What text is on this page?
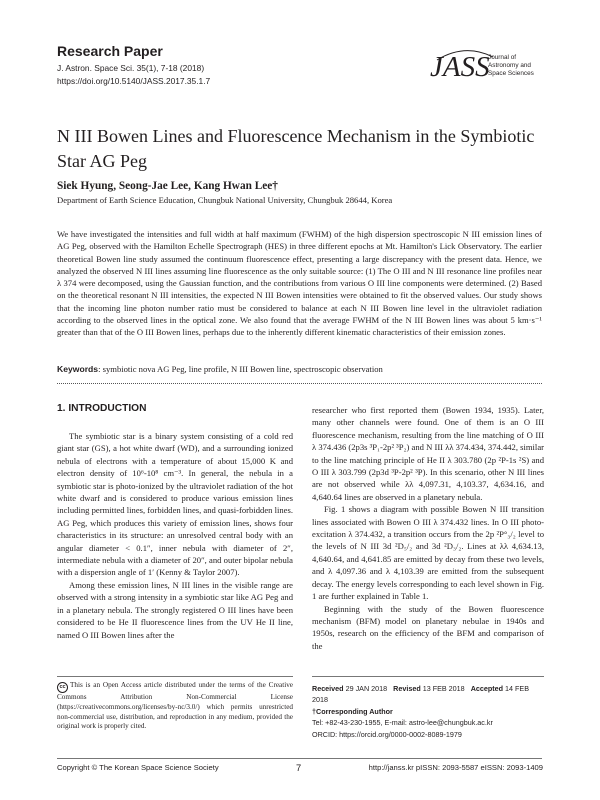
Research Paper
J. Astron. Space Sci. 35(1), 7-18 (2018)
https://doi.org/10.5140/JASS.2017.35.1.7	JASS
Journal of
Astronomy and
Space Sciences
N III Bowen Lines and Fluorescence Mechanism in the Symbiotic Star AG Peg
Siek Hyung, Seong-Jae Lee, Kang Hwan Lee†
Department of Earth Science Education, Chungbuk National University, Chungbuk 28644, Korea
We have investigated the intensities and full width at half maximum (FWHM) of the high dispersion spectroscopic N III emission lines of AG Peg, observed with the Hamilton Echelle Spectrograph (HES) in three different epochs at Mt. Hamilton's Lick Observatory. The earlier theoretical Bowen line study assumed the continuum fluorescence effect, presenting a large discrepancy with the present data. Hence, we analyzed the observed N III lines assuming line fluorescence as the only suitable source: (1) The O III and N III resonance line profiles near λ 374 were decomposed, using the Gaussian function, and the contributions from various O III line components were determined. (2) Based on the theoretical resonant N III intensities, the expected N III Bowen intensities were obtained to fit the observed values. Our study shows that the incoming line photon number ratio must be considered to balance at each N III Bowen line level in the ultraviolet radiation according to the observed lines in the optical zone. We also found that the average FWHM of the N III Bowen lines was about 5 km·s⁻¹ greater than that of the O III Bowen lines, perhaps due to the inherently different kinematic characteristics of their emission zones.
Keywords: symbiotic nova AG Peg, line profile, N III Bowen line, spectroscopic observation
1. INTRODUCTION

The symbiotic star is a binary system consisting of a cold red giant star (GS), a hot white dwarf (WD), and a surrounding ionized nebula of electrons with a temperature of about 15,000 K and electron density of 10⁶-10⁸ cm⁻³. In general, the nebula in a symbiotic star is photo-ionized by the ultraviolet radiation of the hot white dwarf and is considered to produce various emission lines including permitted lines, forbidden lines, and quasi-forbidden lines. AG Peg, which produces this variety of emission lines, shows four characteristics in its structure: an unresolved central body with an angular diameter < 0.1″, inner nebula with diameter of 2″, intermediate nebula with a diameter of 20″, and outer bipolar nebula with a dispersion angle of 1′ (Kenny & Taylor 2007).

Among these emission lines, N III lines in the visible range are observed with a strong intensity in a symbiotic star like AG Peg and in a planetary nebula. The strongly registered O III lines have been considered to be He II fluorescence lines from the UV He II line, named O III Bowen lines after the

researcher who first reported them (Bowen 1934, 1935). Later, many other channels were found. One of them is an O III fluorescence mechanism, resulting from the line matching of O III λ 374.436 (2p3s ³P₁-2p² ³P₂) and N III λλ 374.434, 374.442, similar to the line matching principle of He II λ 303.780 (2p ²P-1s ²S) and O III λ 303.799 (2p3d ³P-2p² ³P). In this scenario, other N III lines are not observed while λλ 4,097.31, 4,103.37, 4,634.16, and 4,640.64 lines are observed in a planetary nebula.

Fig. 1 shows a diagram with possible Bowen N III transition lines associated with Bowen O III λ 374.432 lines. In O III photo-excitation λ 374.432, a transition occurs from the 2p ²P°₃/₂ level to the levels of N III 3d ²D₅/₂ and 3d ²D₃/₂. Lines at λλ 4,634.13, 4,640.64, and 4,641.85 are emitted by decay from these two levels, and λ 4,097.36 and λ 4,103.39 are emitted from the subsequent decay. The energy levels corresponding to each level shown in Fig. 1 are further explained in Table 1.

Beginning with the study of the Bowen fluorescence mechanism (BFM) model on planetary nebulae in 1940s and 1950s, research on the efficiency of the BFM and comparison of the

cc This is an Open Access article distributed under the terms of the Creative Commons Attribution Non-Commercial License (https://creativecommons.org/licenses/by-nc/3.0/) which permits unrestricted non-commercial use, distribution, and reproduction in any medium, provided the original work is properly cited.
Received 29 JAN 2018 Revised 13 FEB 2018 Accepted 14 FEB 2018
†Corresponding Author
Tel: +82-43-230-1955, E-mail: astro-lee@chungbuk.ac.kr
ORCID: https://orcid.org/0000-0002-8089-1979
Copyright © The Korean Space Science Society	7	http://janss.kr pISSN: 2093-5587 eISSN: 2093-1409
